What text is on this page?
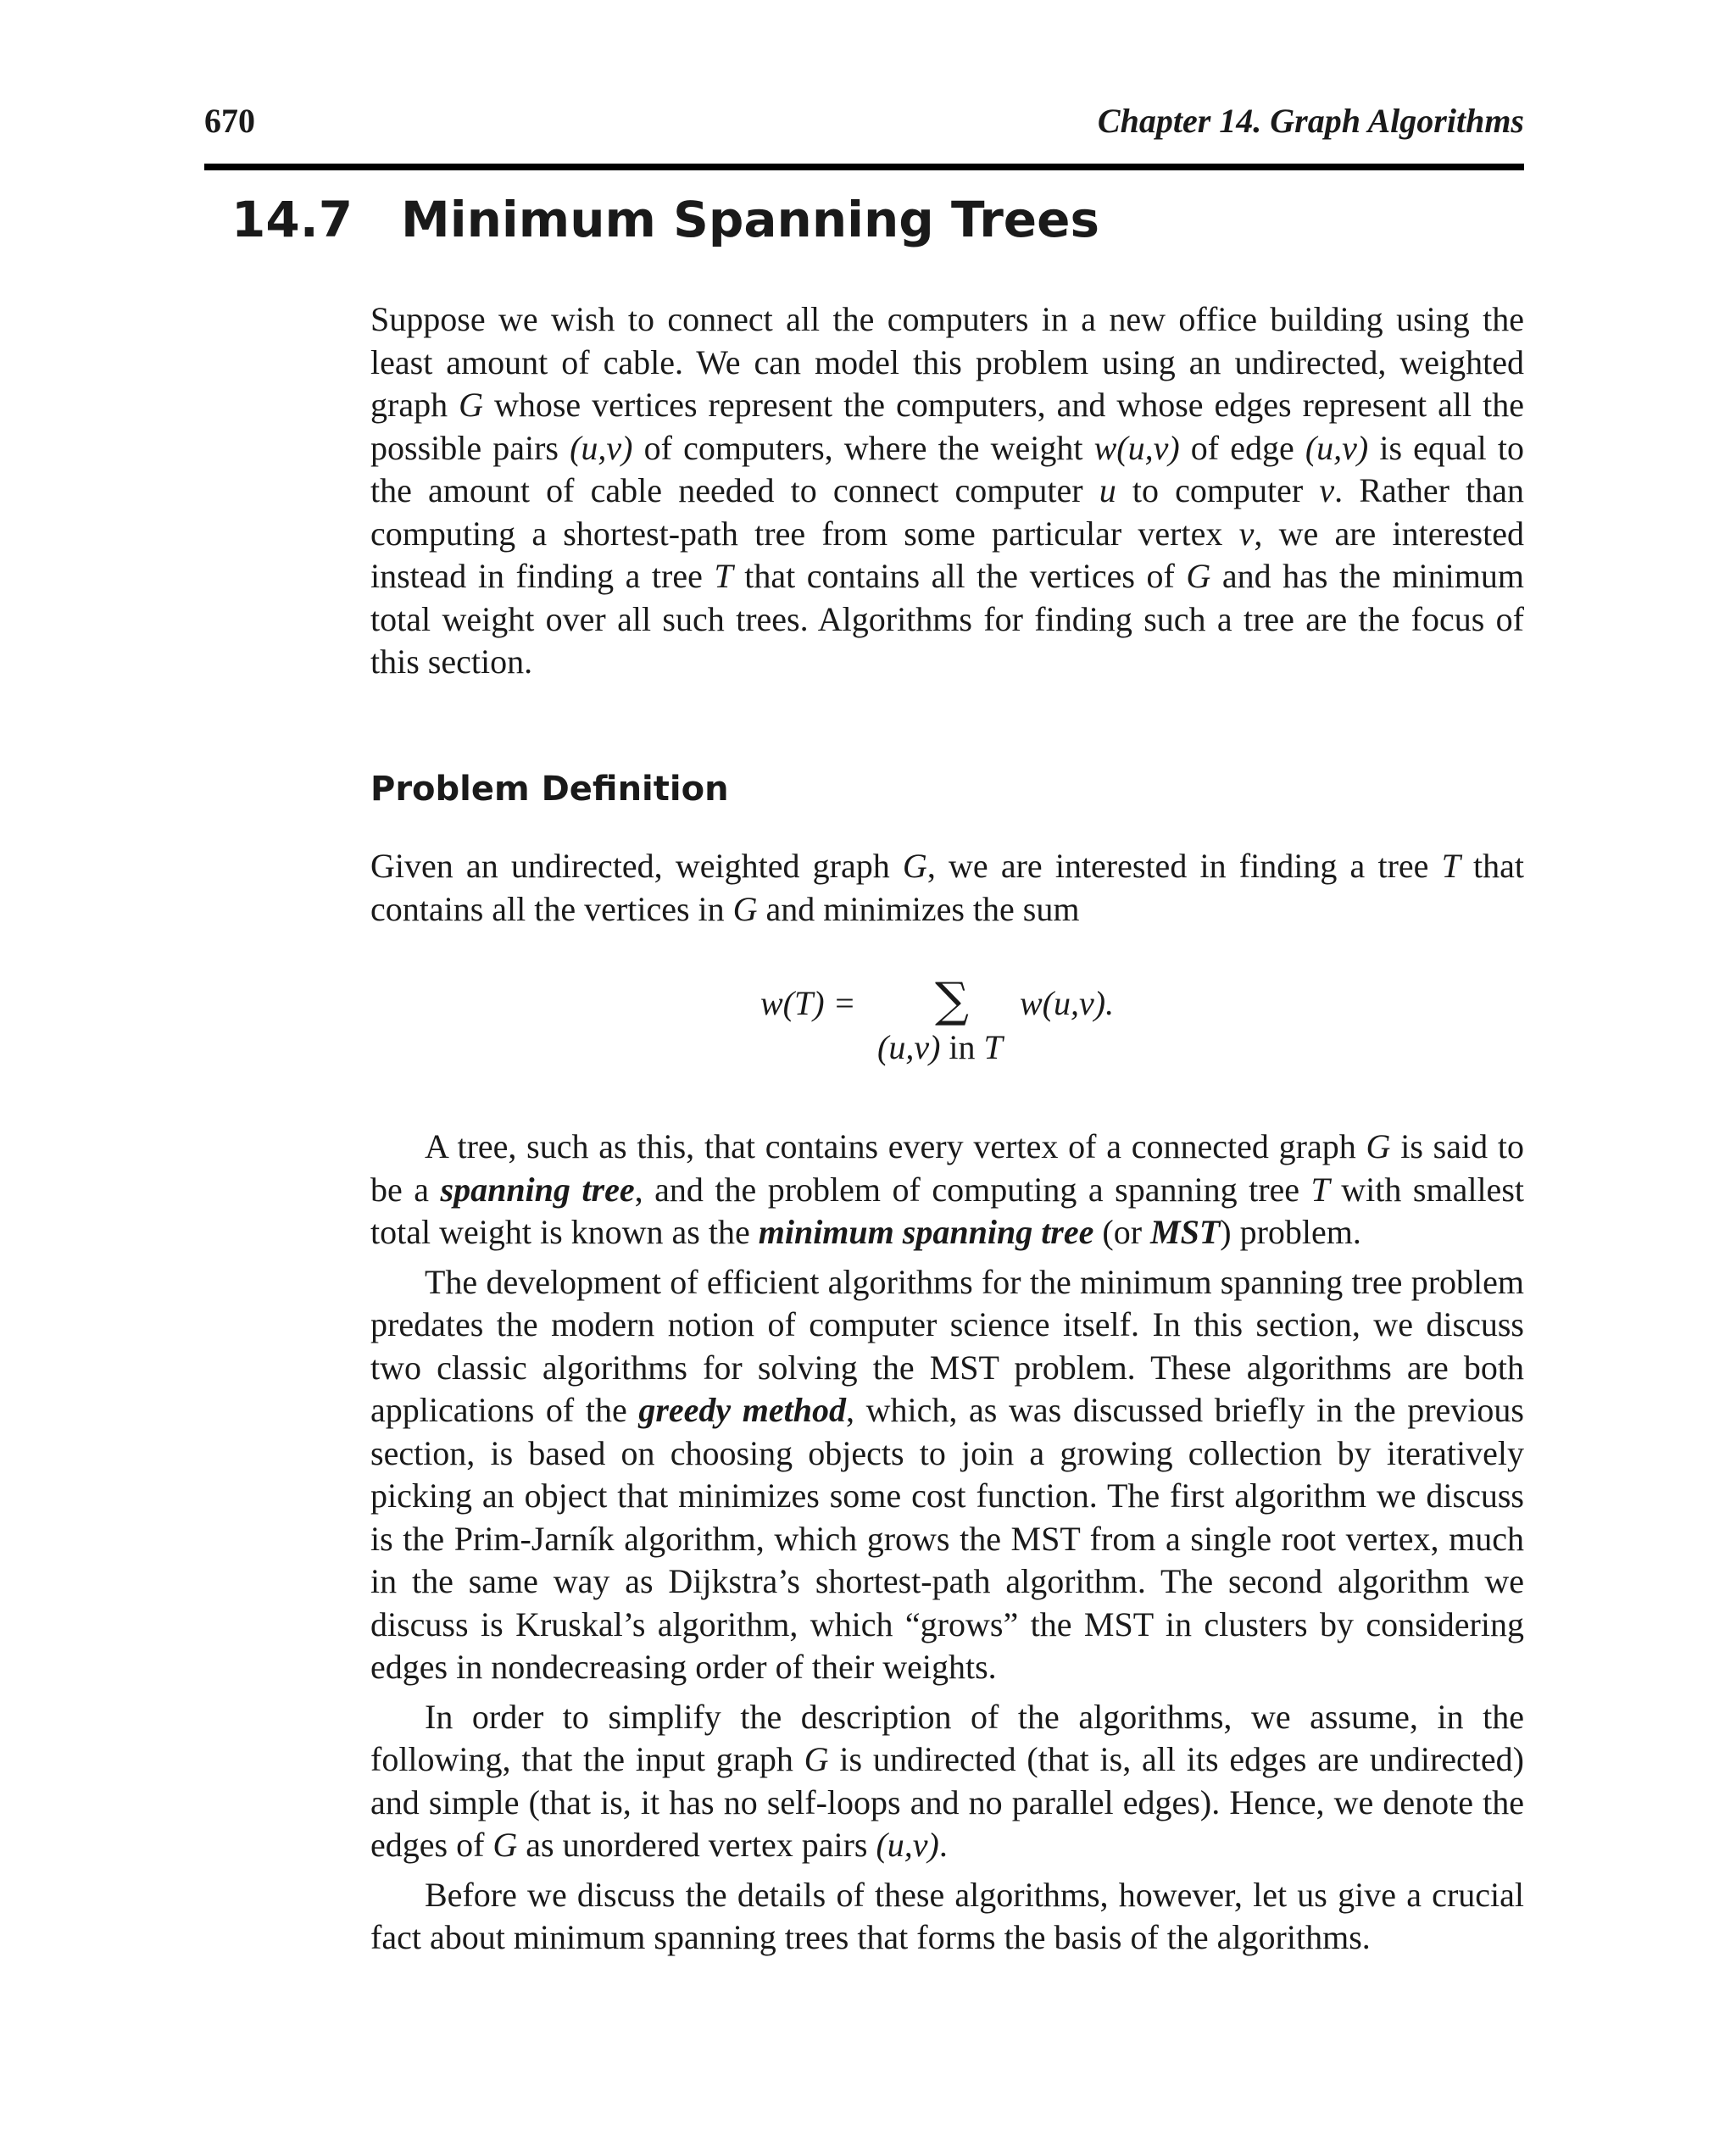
670	Chapter 14. Graph Algorithms
14.7 Minimum Spanning Trees

Suppose we wish to connect all the computers in a new office building using the least amount of cable. We can model this problem using an undirected, weighted graph G whose vertices represent the computers, and whose edges represent all the possible pairs (u,v) of computers, where the weight w(u,v) of edge (u,v) is equal to the amount of cable needed to connect computer u to computer v. Rather than computing a shortest-path tree from some particular vertex v, we are interested instead in finding a tree T that contains all the vertices of G and has the minimum total weight over all such trees. Algorithms for finding such a tree are the focus of this section.

Problem Definition

Given an undirected, weighted graph G, we are interested in finding a tree T that contains all the vertices in G and minimizes the sum

w(T) = ∑ w(u,v).
(u,v) in T

A tree, such as this, that contains every vertex of a connected graph G is said to be a spanning tree, and the problem of computing a spanning tree T with smallest total weight is known as the minimum spanning tree (or MST) problem.

The development of efficient algorithms for the minimum spanning tree problem predates the modern notion of computer science itself. In this section, we discuss two classic algorithms for solving the MST problem. These algorithms are both applications of the greedy method, which, as was discussed briefly in the previous section, is based on choosing objects to join a growing collection by iteratively picking an object that minimizes some cost function. The first algorithm we discuss is the Prim-Jarník algorithm, which grows the MST from a single root vertex, much in the same way as Dijkstra’s shortest-path algorithm. The second algorithm we discuss is Kruskal’s algorithm, which “grows” the MST in clusters by considering edges in nondecreasing order of their weights.

In order to simplify the description of the algorithms, we assume, in the following, that the input graph G is undirected (that is, all its edges are undirected) and simple (that is, it has no self-loops and no parallel edges). Hence, we denote the edges of G as unordered vertex pairs (u,v).

Before we discuss the details of these algorithms, however, let us give a crucial fact about minimum spanning trees that forms the basis of the algorithms.
